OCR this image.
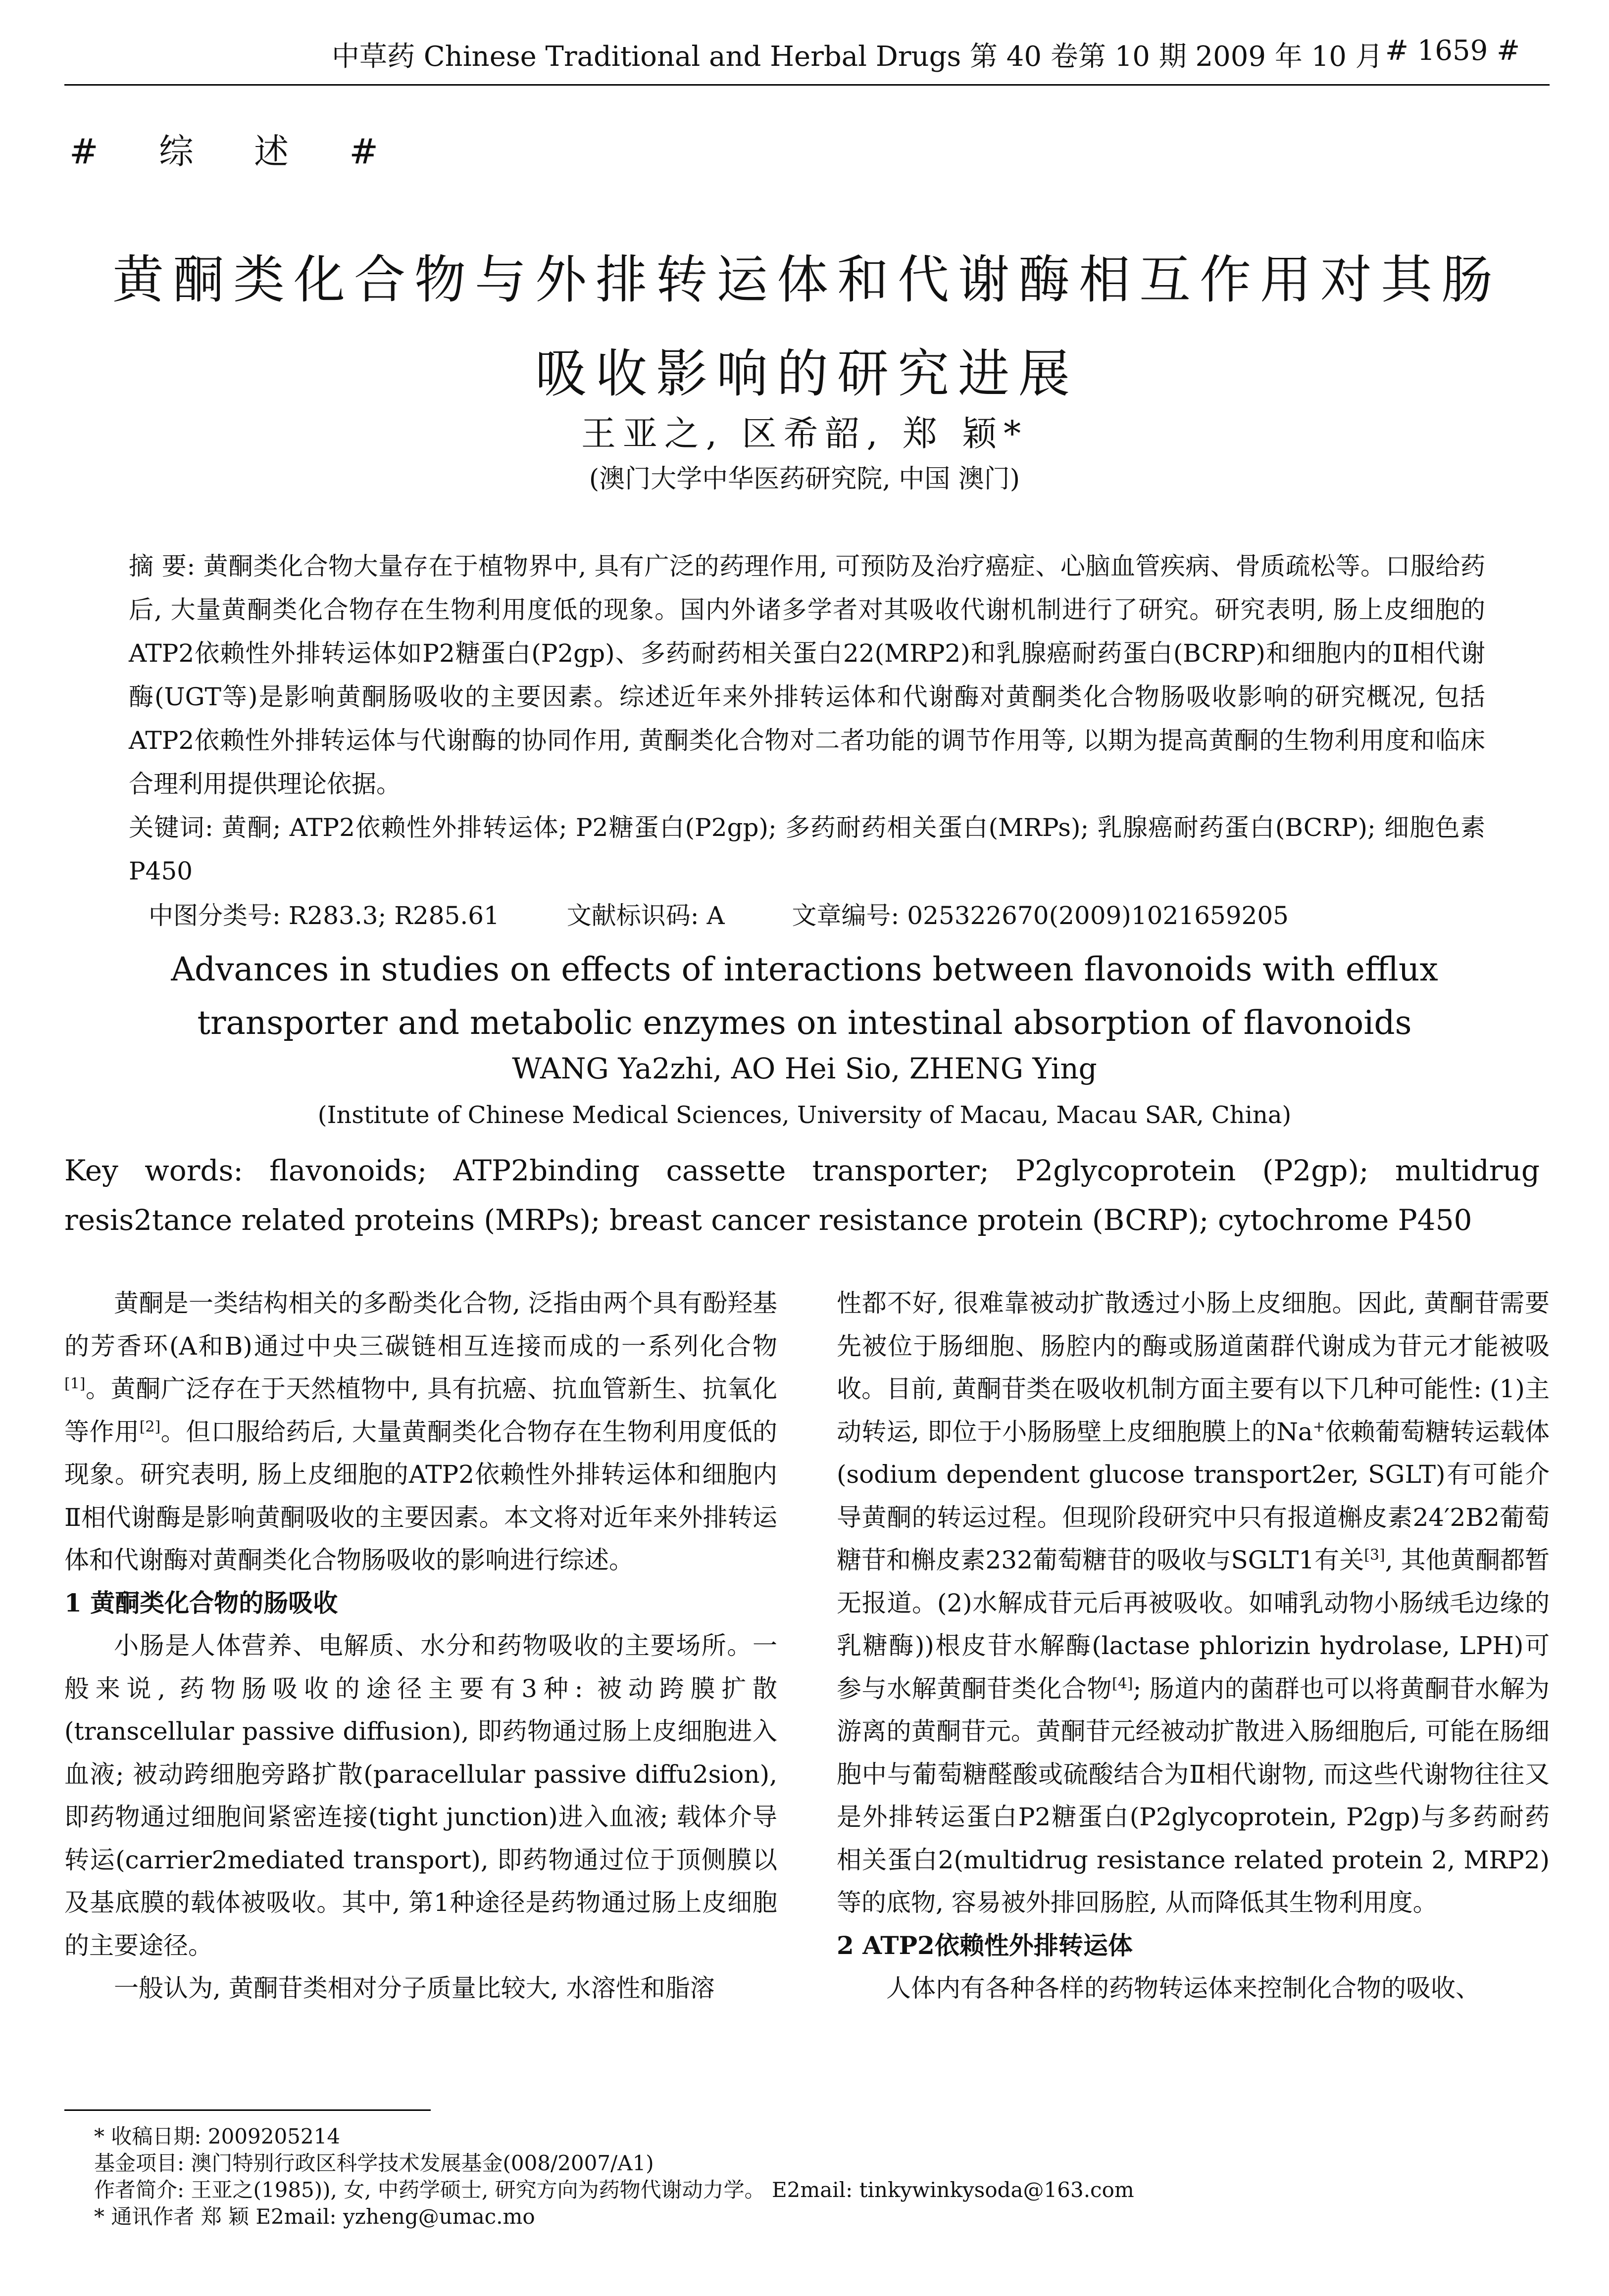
中草药 Chinese Traditional and Herbal Drugs 第 40 卷第 10 期 2009 年 10 月 # 1659 #
# 综 述 #
黄酮类化合物与外排转运体和代谢酶相互作用对其肠吸收影响的研究进展
王亚之, 区希韶, 郑 颖*
(澳门大学中华医药研究院, 中国 澳门)

摘 要: 黄酮类化合物大量存在于植物界中, 具有广泛的药理作用, 可预防及治疗癌症、心脑血管疾病、骨质疏松等。口服给药后, 大量黄酮类化合物存在生物利用度低的现象。国内外诸多学者对其吸收代谢机制进行了研究。研究表明, 肠上皮细胞的ATP2依赖性外排转运体如P2糖蛋白(P2gp)、多药耐药相关蛋白22(MRP2)和乳腺癌耐药蛋白(BCRP)和细胞内的Ⅱ相代谢酶(UGT等)是影响黄酮肠吸收的主要因素。综述近年来外排转运体和代谢酶对黄酮类化合物肠吸收影响的研究概况, 包括ATP2依赖性外排转运体与代谢酶的协同作用, 黄酮类化合物对二者功能的调节作用等, 以期为提高黄酮的生物利用度和临床合理利用提供理论依据。

关键词: 黄酮; ATP2依赖性外排转运体; P2糖蛋白(P2gp); 多药耐药相关蛋白(MRPs); 乳腺癌耐药蛋白(BCRP); 细胞色素P450

中图分类号: R283.3; R285.61	文献标识码: A	文章编号: 025322670(2009)1021659205
Advances in studies on effects of interactions between flavonoids with efflux transporter and metabolic enzymes on intestinal absorption of flavonoids
WANG Ya2zhi, AO Hei Sio, ZHENG Ying
(Institute of Chinese Medical Sciences, University of Macau, Macau SAR, China)
Key words: flavonoids; ATP2binding cassette transporter; P2glycoprotein (P2gp); multidrug resis2tance related proteins (MRPs); breast cancer resistance protein (BCRP); cytochrome P450

黄酮是一类结构相关的多酚类化合物, 泛指由两个具有酚羟基的芳香环(A和B)通过中央三碳链相互连接而成的一系列化合物[1]。黄酮广泛存在于天然植物中, 具有抗癌、抗血管新生、抗氧化等作用[2]。但口服给药后, 大量黄酮类化合物存在生物利用度低的现象。研究表明, 肠上皮细胞的ATP2依赖性外排转运体和细胞内Ⅱ相代谢酶是影响黄酮吸收的主要因素。本文将对近年来外排转运体和代谢酶对黄酮类化合物肠吸收的影响进行综述。

1 黄酮类化合物的肠吸收

小肠是人体营养、电解质、水分和药物吸收的主要场所。一般来说, 药物肠吸收的途径主要有3种: 被动跨膜扩散(transcellular passive diffusion), 即药物通过肠上皮细胞进入血液; 被动跨细胞旁路扩散(paracellular passive diffu2sion), 即药物通过细胞间紧密连接(tight junction)进入血液; 载体介导转运(carrier2mediated transport), 即药物通过位于顶侧膜以及基底膜的载体被吸收。其中, 第1种途径是药物通过肠上皮细胞的主要途径。

一般认为, 黄酮苷类相对分子质量比较大, 水溶性和脂溶

性都不好, 很难靠被动扩散透过小肠上皮细胞。因此, 黄酮苷需要先被位于肠细胞、肠腔内的酶或肠道菌群代谢成为苷元才能被吸收。目前, 黄酮苷类在吸收机制方面主要有以下几种可能性: (1)主动转运, 即位于小肠肠壁上皮细胞膜上的Na+依赖葡萄糖转运载体(sodium dependent glucose transport2er, SGLT)有可能介导黄酮的转运过程。但现阶段研究中只有报道槲皮素24′2B2葡萄糖苷和槲皮素232葡萄糖苷的吸收与SGLT1有关[3], 其他黄酮都暂无报道。(2)水解成苷元后再被吸收。如哺乳动物小肠绒毛边缘的乳糖酶))根皮苷水解酶(lactase phlorizin hydrolase, LPH)可参与水解黄酮苷类化合物[4]; 肠道内的菌群也可以将黄酮苷水解为游离的黄酮苷元。黄酮苷元经被动扩散进入肠细胞后, 可能在肠细胞中与葡萄糖醛酸或硫酸结合为Ⅱ相代谢物, 而这些代谢物往往又是外排转运蛋白P2糖蛋白(P2glycoprotein, P2gp)与多药耐药相关蛋白2(multidrug resistance related protein 2, MRP2)等的底物, 容易被外排回肠腔, 从而降低其生物利用度。

2 ATP2依赖性外排转运体

人体内有各种各样的药物转运体来控制化合物的吸收、

* 收稿日期: 2009205214

基金项目: 澳门特别行政区科学技术发展基金(008/2007/A1)

作者简介: 王亚之(1985)), 女, 中药学硕士, 研究方向为药物代谢动力学。 E2mail: tinkywinkysoda@163.com

* 通讯作者 郑 颖 E2mail: yzheng@umac.mo
